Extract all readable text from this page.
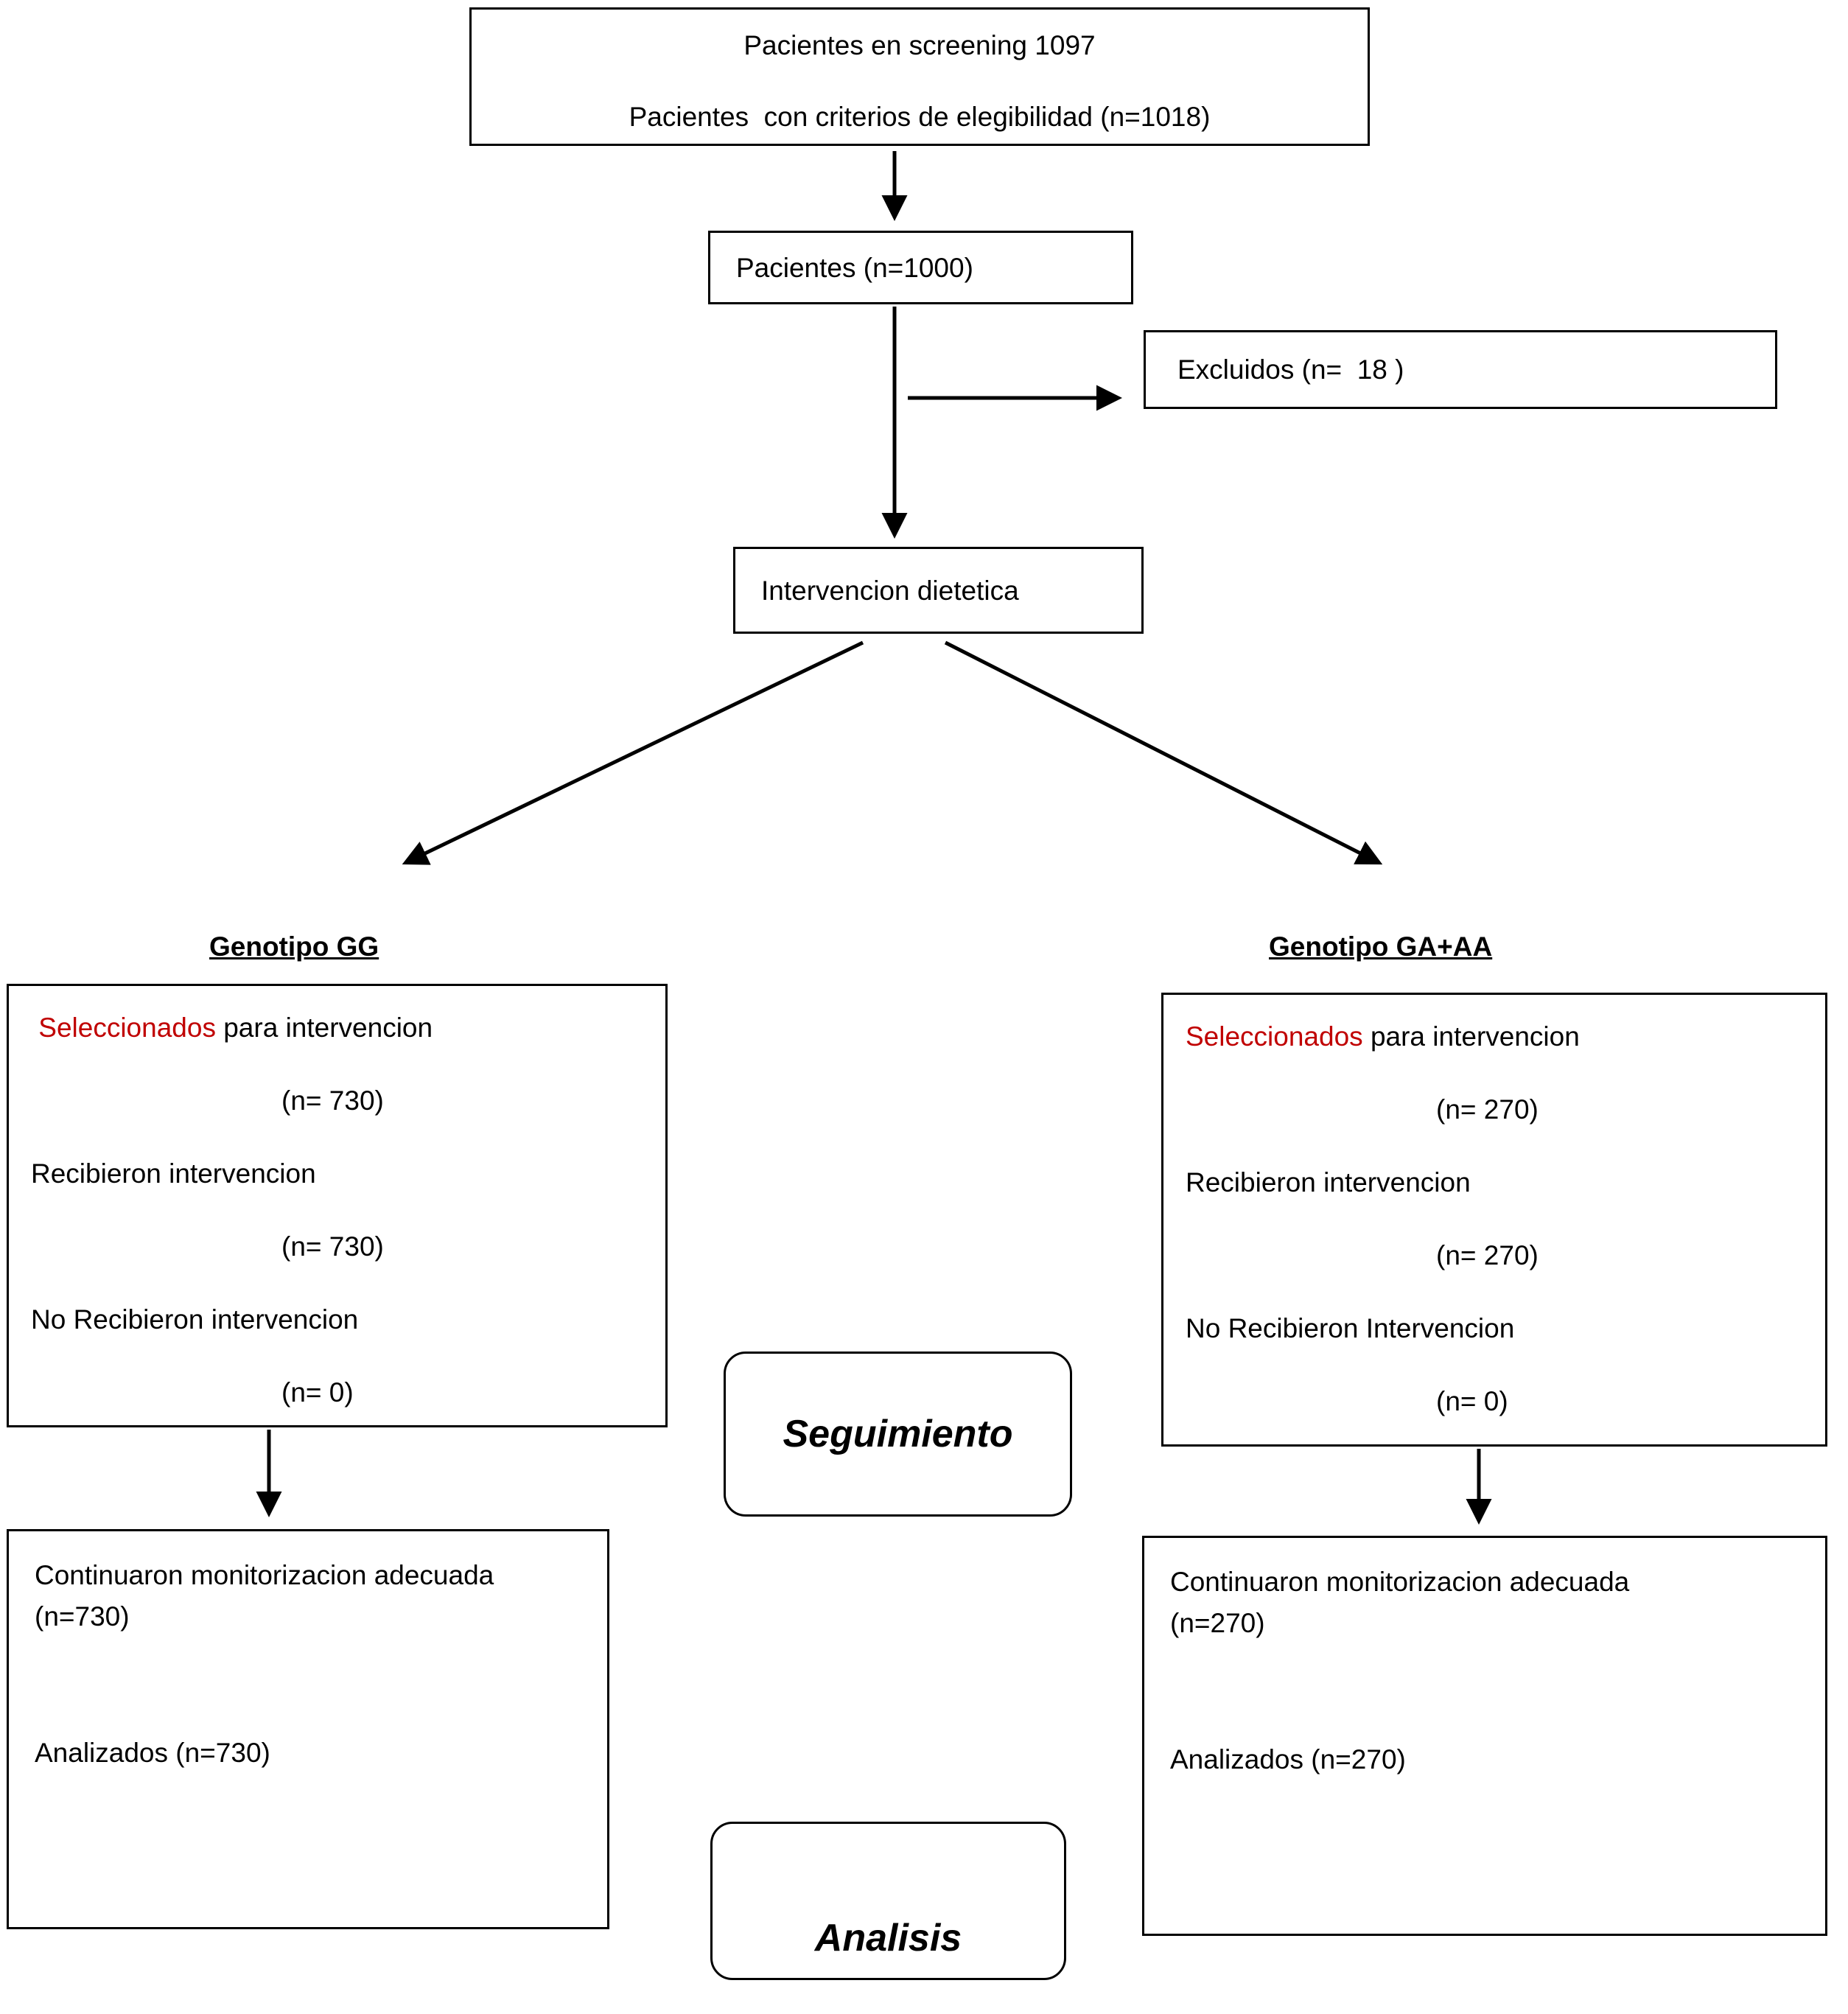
Pacientes en screening 1097
Pacientes  con criterios de elegibilidad (n=1018)
Pacientes (n=1000)
Excluidos (n=  18 )
Intervencion dietetica
Genotipo GG	Genotipo GA+AA
Seleccionados para intervencion
(n= 730)
Recibieron intervencion
(n= 730)
No Recibieron intervencion
(n= 0)
Seleccionados para intervencion
(n= 270)
Recibieron intervencion
(n= 270)
No Recibieron Intervencion
(n= 0)
Seguimiento

Continuaron monitorizacion adecuada (n=730)

Analizados (n=730)

Continuaron monitorizacion adecuada (n=270)

Analizados (n=270)

Analisis
